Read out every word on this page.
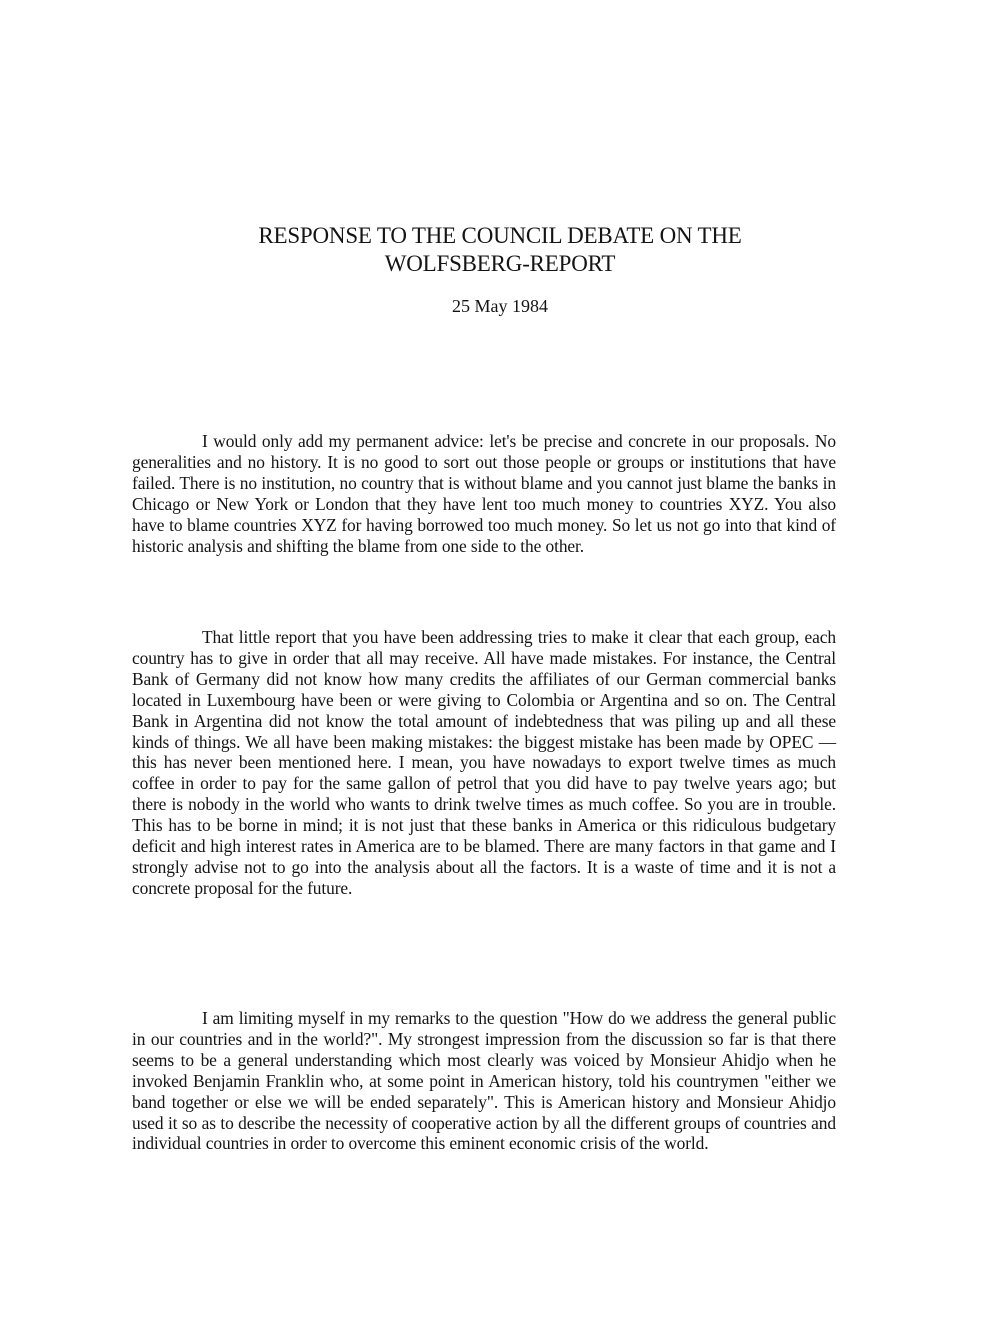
RESPONSE TO THE COUNCIL DEBATE ON THE
WOLFSBERG-REPORT
25 May 1984

I would only add my permanent advice: let's be precise and concrete in our proposals. No generalities and no history. It is no good to sort out those people or groups or institutions that have failed. There is no institution, no country that is without blame and you cannot just blame the banks in Chicago or New York or London that they have lent too much money to countries XYZ. You also have to blame countries XYZ for having borrowed too much money. So let us not go into that kind of historic analysis and shifting the blame from one side to the other.

That little report that you have been addressing tries to make it clear that each group, each country has to give in order that all may receive. All have made mistakes. For instance, the Central Bank of Germany did not know how many credits the affiliates of our German commercial banks located in Luxembourg have been or were giving to Colombia or Argentina and so on. The Central Bank in Argentina did not know the total amount of indebtedness that was piling up and all these kinds of things. We all have been making mistakes: the biggest mistake has been made by OPEC — this has never been mentioned here. I mean, you have nowadays to export twelve times as much coffee in order to pay for the same gallon of petrol that you did have to pay twelve years ago; but there is nobody in the world who wants to drink twelve times as much coffee. So you are in trouble. This has to be borne in mind; it is not just that these banks in America or this ridiculous budgetary deficit and high interest rates in America are to be blamed. There are many factors in that game and I strongly advise not to go into the analysis about all the factors. It is a waste of time and it is not a concrete proposal for the future.

I am limiting myself in my remarks to the question "How do we address the general public in our countries and in the world?". My strongest impression from the discussion so far is that there seems to be a general understanding which most clearly was voiced by Monsieur Ahidjo when he invoked Benjamin Franklin who, at some point in American history, told his countrymen "either we band together or else we will be ended separately". This is American history and Monsieur Ahidjo used it so as to describe the necessity of cooperative action by all the different groups of countries and individual countries in order to overcome this eminent economic crisis of the world.
